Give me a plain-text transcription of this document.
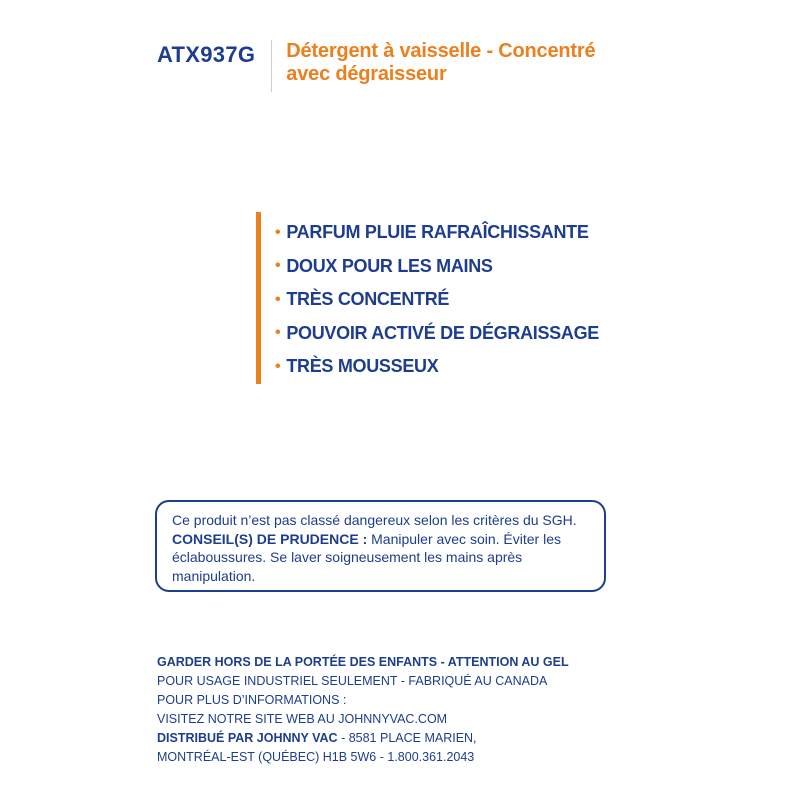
ATX937G Détergent à vaisselle - Concentré avec dégraisseur
• PARFUM PLUIE RAFRAÎCHISSANTE
• DOUX POUR LES MAINS
• TRÈS CONCENTRÉ
• POUVOIR ACTIVÉ DE DÉGRAISSAGE
• TRÈS MOUSSEUX
Ce produit n’est pas classé dangereux selon les critères du SGH.
CONSEIL(S) DE PRUDENCE : Manipuler avec soin. Éviter les éclaboussures. Se laver soigneusement les mains après manipulation.
GARDER HORS DE LA PORTÉE DES ENFANTS - ATTENTION AU GEL
POUR USAGE INDUSTRIEL SEULEMENT - FABRIQUÉ AU CANADA
POUR PLUS D’INFORMATIONS :
VISITEZ NOTRE SITE WEB AU JOHNNYVAC.COM
DISTRIBUÉ PAR JOHNNY VAC - 8581 PLACE MARIEN,
MONTRÉAL-EST (QUÉBEC) H1B 5W6 - 1.800.361.2043
